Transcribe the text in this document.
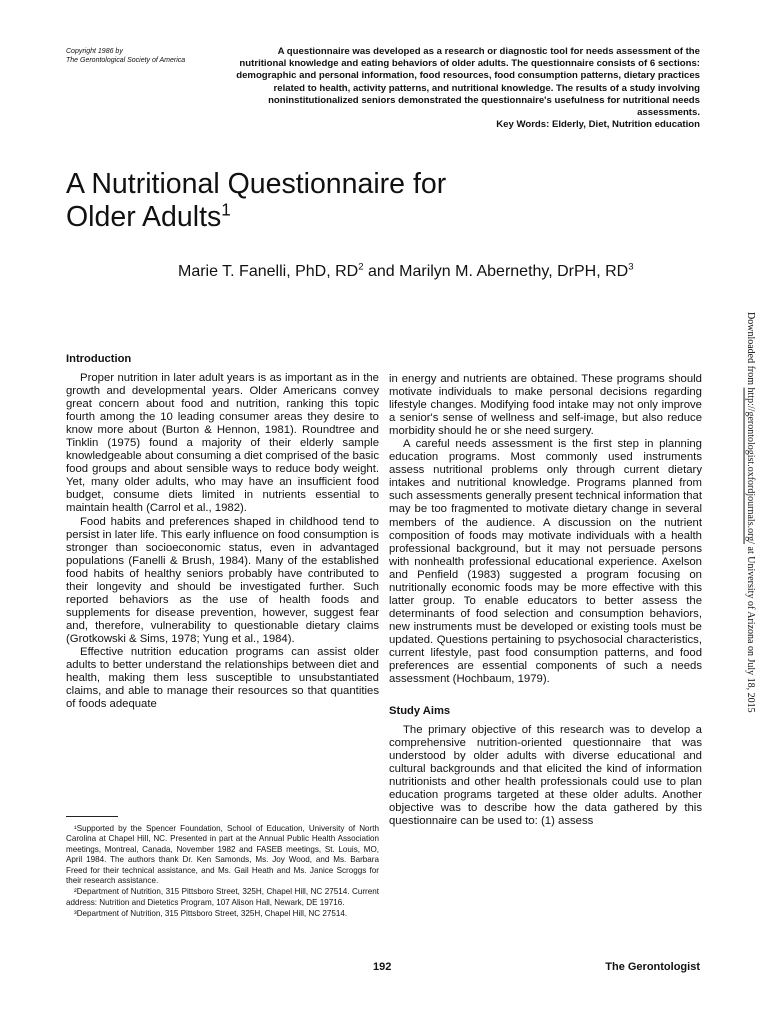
Copyright 1986 by
The Gerontological Society of America
A questionnaire was developed as a research or diagnostic tool for needs assessment of the nutritional knowledge and eating behaviors of older adults. The questionnaire consists of 6 sections: demographic and personal information, food resources, food consumption patterns, dietary practices related to health, activity patterns, and nutritional knowledge. The results of a study involving noninstitutionalized seniors demonstrated the questionnaire's usefulness for nutritional needs assessments.
Key Words: Elderly, Diet, Nutrition education
A Nutritional Questionnaire for
Older Adults$^1$
Marie T. Fanelli, PhD, $RD^2$ and Marilyn M. Abernethy, DrPH, $RD^3$
Downloaded from http://gerontologist.oxfordjournals.org/ at University of Arizona on July 18, 2015
Introduction

Proper nutrition in later adult years is as important as in the growth and developmental years. Older Americans convey great concern about food and nutrition, ranking this topic fourth among the 10 leading consumer areas they desire to know more about (Burton & Hennon, 1981). Roundtree and Tinklin (1975) found a majority of their elderly sample knowledgeable about consuming a diet comprised of the basic food groups and about sensible ways to reduce body weight. Yet, many older adults, who may have an insufficient food budget, consume diets limited in nutrients essential to maintain health (Carrol et al., 1982).

Food habits and preferences shaped in childhood tend to persist in later life. This early influence on food consumption is stronger than socioeconomic status, even in advantaged populations (Fanelli & Brush, 1984). Many of the established food habits of healthy seniors probably have contributed to their longevity and should be investigated further. Such reported behaviors as the use of health foods and supplements for disease prevention, however, suggest fear and, therefore, vulnerability to questionable dietary claims (Grotkowski & Sims, 1978; Yung et al., 1984).

Effective nutrition education programs can assist older adults to better understand the relationships between diet and health, making them less susceptible to unsubstantiated claims, and able to manage their resources so that quantities of foods adequate

in energy and nutrients are obtained. These programs should motivate individuals to make personal decisions regarding lifestyle changes. Modifying food intake may not only improve a senior's sense of wellness and self-image, but also reduce morbidity should he or she need surgery.

A careful needs assessment is the first step in planning education programs. Most commonly used instruments assess nutritional problems only through current dietary intakes and nutritional knowledge. Programs planned from such assessments generally present technical information that may be too fragmented to motivate dietary change in several members of the audience. A discussion on the nutrient composition of foods may motivate individuals with a health professional background, but it may not persuade persons with nonhealth professional educational experience. Axelson and Penfield (1983) suggested a program focusing on nutritionally economic foods may be more effective with this latter group. To enable educators to better assess the determinants of food selection and consumption behaviors, new instruments must be developed or existing tools must be updated. Questions pertaining to psychosocial characteristics, current lifestyle, past food consumption patterns, and food preferences are essential components of such a needs assessment (Hochbaum, 1979).

Study Aims

The primary objective of this research was to develop a comprehensive nutrition-oriented questionnaire that was understood by older adults with diverse educational and cultural backgrounds and that elicited the kind of information nutritionists and other health professionals could use to plan education programs targeted at these older adults. Another objective was to describe how the data gathered by this questionnaire can be used to: (1) assess

¹Supported by the Spencer Foundation, School of Education, University of North Carolina at Chapel Hill, NC. Presented in part at the Annual Public Health Association meetings, Montreal, Canada, November 1982 and FASEB meetings, St. Louis, MO, April 1984. The authors thank Dr. Ken Samonds, Ms. Joy Wood, and Ms. Barbara Freed for their technical assistance, and Ms. Gail Heath and Ms. Janice Scroggs for their research assistance.

²Department of Nutrition, 315 Pittsboro Street, 325H, Chapel Hill, NC 27514. Current address: Nutrition and Dietetics Program, 107 Alison Hall, Newark, DE 19716.

³Department of Nutrition, 315 Pittsboro Street, 325H, Chapel Hill, NC 27514.

192	The Gerontologist
